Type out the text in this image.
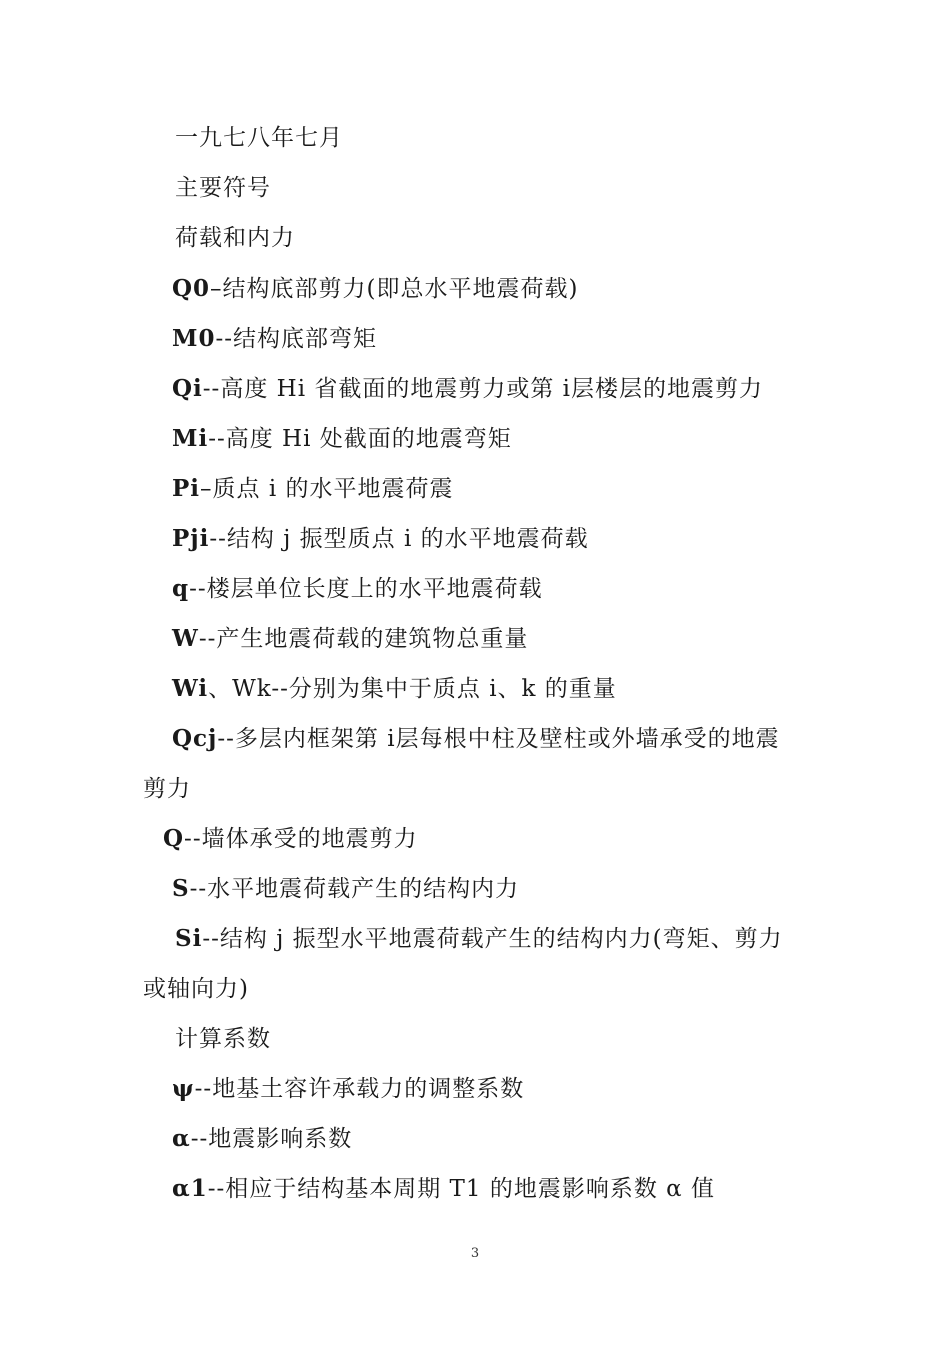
一九七八年七月
主要符号
荷载和内力
Q0–结构底部剪力(即总水平地震荷载)
M0--结构底部弯矩
Qi--高度 Hi 省截面的地震剪力或第 i层楼层的地震剪力
Mi--高度 Hi 处截面的地震弯矩
Pi–质点 i 的水平地震荷震
Pji--结构 j 振型质点 i 的水平地震荷载
q--楼层单位长度上的水平地震荷载
W--产生地震荷载的建筑物总重量
Wi、Wk--分别为集中于质点 i、k 的重量
Qcj--多层内框架第 i层每根中柱及壁柱或外墙承受的地震
剪力
Q--墙体承受的地震剪力
S--水平地震荷载产生的结构内力
Si--结构 j 振型水平地震荷载产生的结构内力(弯矩、剪力
或轴向力)
计算系数
ψ--地基土容许承载力的调整系数
α--地震影响系数
α1--相应于结构基本周期 T1 的地震影响系数 α 值
3
